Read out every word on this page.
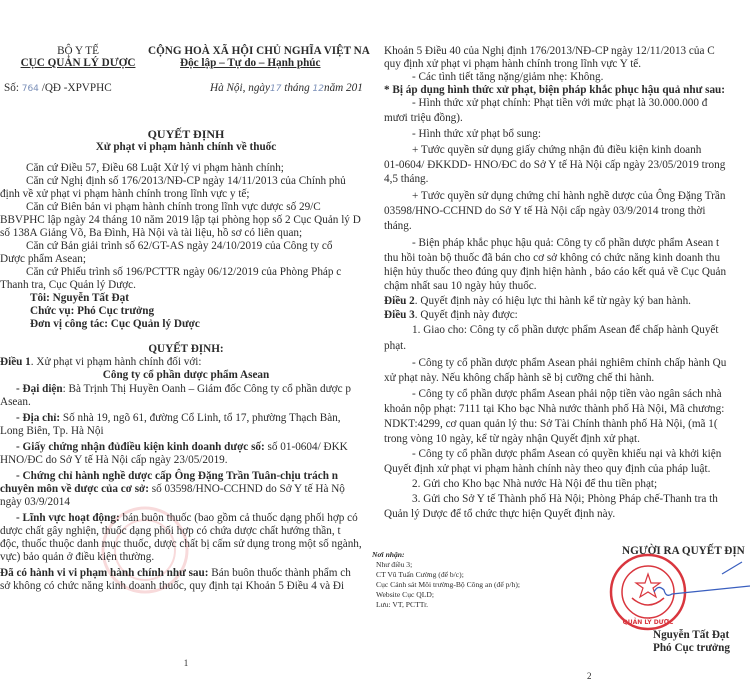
BỘ Y TẾ
CỤC QUẢN LÝ DƯỢC
Số: 764 /QĐ -XPVPHC
CỘNG HOÀ XÃ HỘI CHỦ NGHĨA VIỆT NA
Độc lập – Tự do – Hạnh phúc
Hà Nội, ngày17 tháng 12năm 201
QUYẾT ĐỊNH
Xử phạt vi phạm hành chính về thuốc
Căn cứ Điều 57, Điều 68 Luật Xử lý vi phạm hành chính;
Căn cứ Nghị định số 176/2013/NĐ-CP ngày 14/11/2013 của Chính phủ
định về xử phạt vi phạm hành chính trong lĩnh vực y tế;
Căn cứ Biên bản vi phạm hành chính trong lĩnh vực dược số 29/C
BBVPHC lập ngày 24 tháng 10 năm 2019 lập tại phòng họp số 2 Cục Quản lý D
số 138A Giảng Võ, Ba Đình, Hà Nội và tài liệu, hồ sơ có liên quan;
Căn cứ Bản giải trình số 62/GT-AS ngày 24/10/2019 của Công ty cổ
Dược phẩm Asean;
Căn cứ Phiếu trình số 196/PCTTR ngày 06/12/2019 của Phòng Pháp c
Thanh tra, Cục Quản lý Dược.
Tôi: Nguyễn Tất Đạt
Chức vụ: Phó Cục trưởng
Đơn vị công tác: Cục Quản lý Dược
QUYẾT ĐỊNH:
Điều 1. Xử phạt vi phạm hành chính đối với:
Công ty cổ phần dược phẩm Asean
- Đại diện: Bà Trịnh Thị Huyền Oanh – Giám đốc Công ty cổ phần dược p
Asean.
- Địa chỉ: Số nhà 19, ngõ 61, đường Cổ Linh, tổ 17, phường Thạch Bàn,
Long Biên, Tp. Hà Nội
- Giấy chứng nhận đủđiều kiện kinh doanh dược số: số 01-0604/ ĐKK
HNO/ĐC do Sở Y tế Hà Nội cấp ngày 23/05/2019.
- Chứng chỉ hành nghề dược cấp Ông Đặng Trần Tuân-chịu trách n
chuyên môn về dược của cơ sở: số 03598/HNO-CCHND do Sở Y tế Hà Nộ
ngày 03/9/2014
- Lĩnh vực hoạt động: bán buôn thuốc (bao gồm cả thuốc dạng phối hợp có
dược chất gây nghiện, thuốc dạng phối hợp có chứa dược chất hướng thần, t
độc, thuốc thuộc danh mục thuốc, dược chất bị cấm sử dụng trong một số ngành,
vực) bảo quản ở điều kiện thường.
Đã có hành vi vi phạm hành chính như sau: Bán buôn thuốc thành phẩm ch
sở không có chức năng kinh doanh thuốc, quy định tại Khoản 5 Điều 4 và Đi
1
Khoản 5 Điều 40 của Nghị định 176/2013/NĐ-CP ngày 12/11/2013 của C
quy định xử phạt vi phạm hành chính trong lĩnh vực Y tế.
- Các tình tiết tăng nặng/giảm nhẹ: Không.
* Bị áp dụng hình thức xử phạt, biện pháp khắc phục hậu quả như sau:
- Hình thức xử phạt chính: Phạt tiền với mức phạt là 30.000.000 đ
mươi triệu đồng).
- Hình thức xử phạt bổ sung:
+ Tước quyền sử dụng giấy chứng nhận đủ điều kiện kinh doanh
01-0604/ ĐKKDD- HNO/ĐC do Sở Y tế Hà Nội cấp ngày 23/05/2019 trong
4,5 tháng.
+ Tước quyền sử dụng chứng chỉ hành nghề dược của Ông Đặng Trần
03598/HNO-CCHND do Sở Y tế Hà Nội cấp ngày 03/9/2014 trong thời
tháng.
- Biện pháp khắc phục hậu quả: Công ty cổ phần dược phẩm Asean t
thu hồi toàn bộ thuốc đã bán cho cơ sở không có chức năng kinh doanh thu
hiện hủy thuốc theo đúng quy định hiện hành , báo cáo kết quả về Cục Quản
chậm nhất sau 10 ngày hủy thuốc.
Điều 2. Quyết định này có hiệu lực thi hành kể từ ngày ký ban hành.
Điều 3. Quyết định này được:
1. Giao cho: Công ty cổ phần dược phẩm Asean để chấp hành Quyết
phạt.
- Công ty cổ phần dược phẩm Asean phải nghiêm chỉnh chấp hành Qu
xử phạt này. Nếu không chấp hành sẽ bị cưỡng chế thi hành.
- Công ty cổ phần dược phẩm Asean phải nộp tiền vào ngân sách nhà
khoản nộp phạt: 7111 tại Kho bạc Nhà nước thành phố Hà Nội, Mã chương:
NDKT:4299, cơ quan quản lý thu: Sở Tài Chính thành phố Hà Nội, (mã 1(
trong vòng 10 ngày, kể từ ngày nhận Quyết định xử phạt.
- Công ty cổ phần dược phẩm Asean có quyền khiếu nại và khởi kiện
Quyết định xử phạt vi phạm hành chính này theo quy định của pháp luật.
2. Gửi cho Kho bạc Nhà nước Hà Nội để thu tiền phạt;
3. Gửi cho Sở Y tế Thành phố Hà Nội; Phòng Pháp chế-Thanh tra th
Quản lý Dược để tổ chức thực hiện Quyết định này.
Nơi nhận:
Như điều 3;
CT Vũ Tuấn Cường (để b/c);
Cục Cảnh sát Môi trường-Bộ Công an (để p/h);
Website Cục QLD;
Lưu: VT, PCTTr.
NGƯỜI RA QUYẾT ĐỊN
QUẢN LÝ DƯỢC
Nguyễn Tất Đạt
Phó Cục trưởng
2
